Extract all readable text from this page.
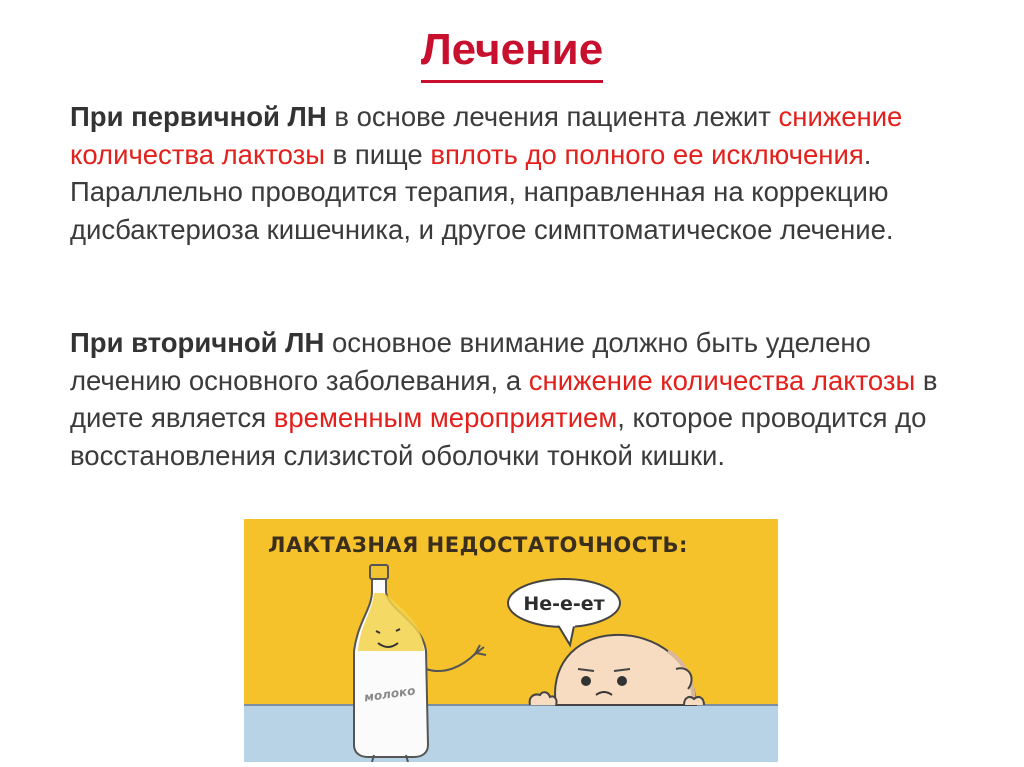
Лечение

При первичной ЛН в основе лечения пациента лежит снижение количества лактозы в пище вплоть до полного ее исключения. Параллельно проводится терапия, направленная на коррекцию дисбактериоза кишечника, и другое симптоматическое лечение.

При вторичной ЛН основное внимание должно быть уделено лечению основного заболевания, а снижение количества лактозы в диете является временным мероприятием, которое проводится до восстановления слизистой оболочки тонкой кишки.

ЛАКТАЗНАЯ НЕДОСТАТОЧНОСТЬ:
Не-е-ет
молоко
